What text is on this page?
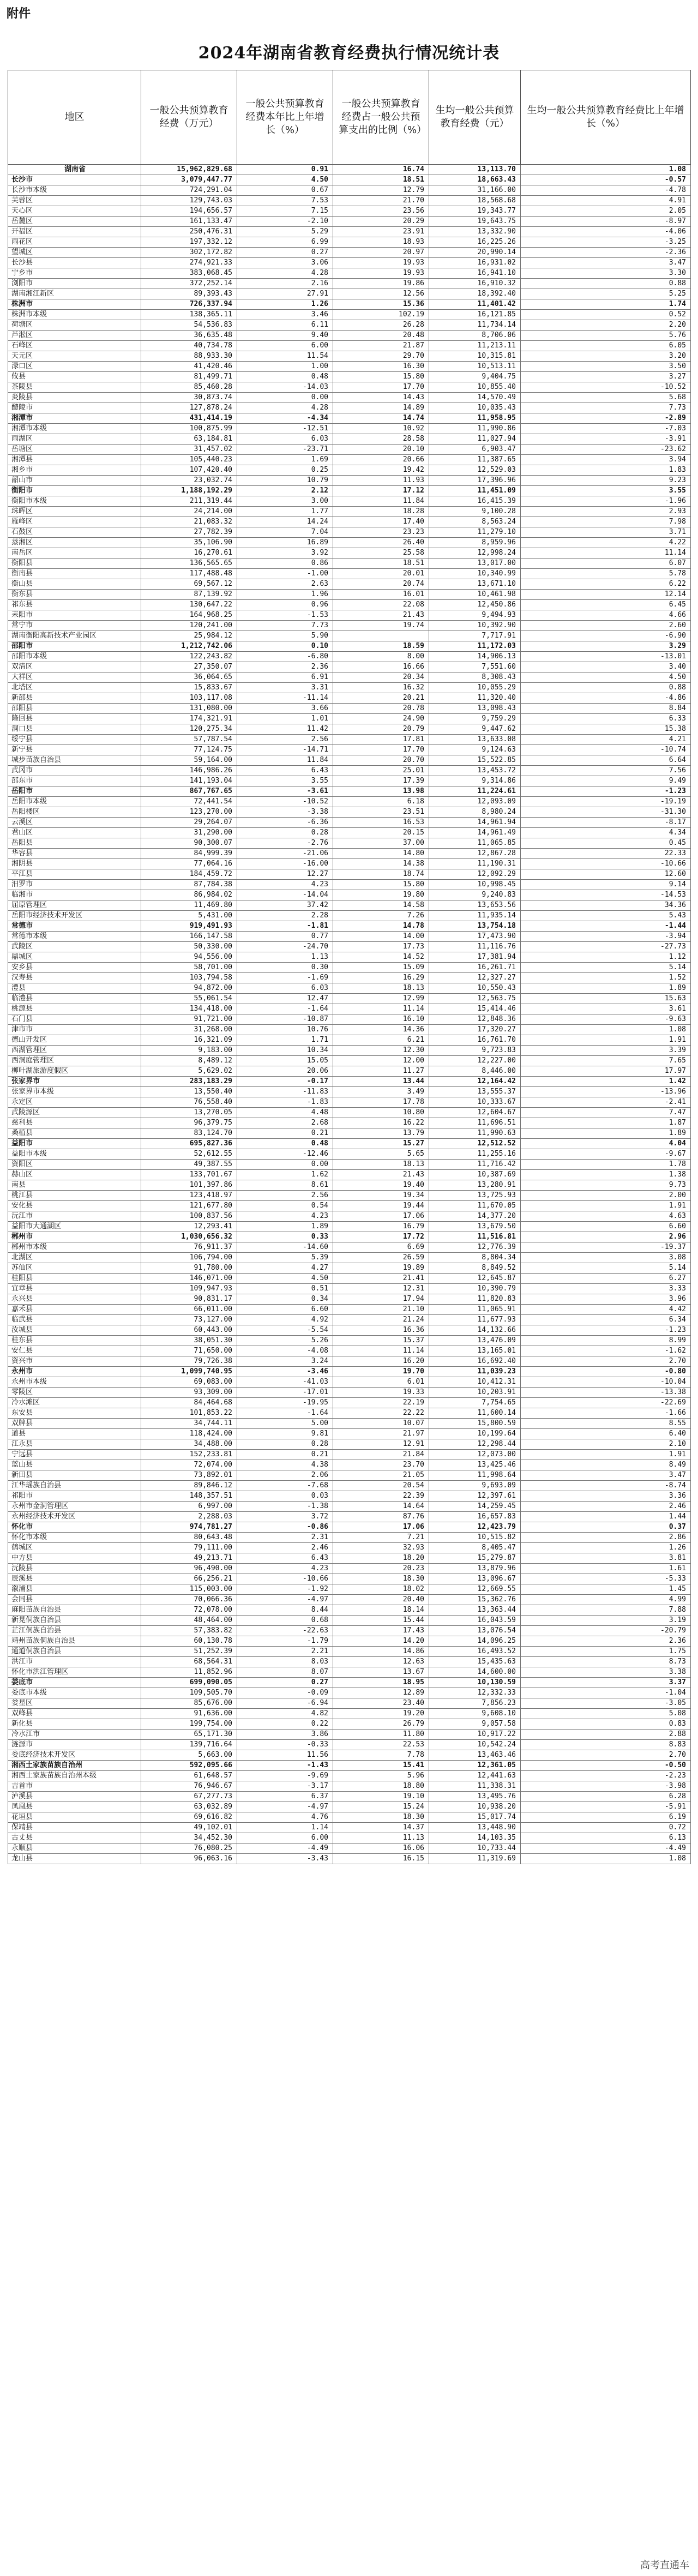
附件
2024年湖南省教育经费执行情况统计表
地区	一般公共预算教育经费（万元）	一般公共预算教育经费本年比上年增长（%）	一般公共预算教育经费占一般公共预算支出的比例（%）	生均一般公共预算教育经费（元）	生均一般公共预算教育经费比上年增长（%）
湖南省	15,962,829.68	0.91	16.74	13,113.70	1.08
长沙市	3,079,447.77	4.50	18.51	18,663.43	-0.57
长沙市本级	724,291.04	0.67	12.79	31,166.00	-4.78
芙蓉区	129,743.03	7.53	21.70	18,568.68	4.91
天心区	194,656.57	7.15	23.56	19,343.77	2.05
岳麓区	161,133.47	-2.10	20.29	19,643.75	-8.97
开福区	250,476.31	5.29	23.91	13,332.90	-4.06
雨花区	197,332.12	6.99	18.93	16,225.26	-3.25
望城区	302,172.82	0.27	20.97	20,990.14	-2.36
长沙县	274,921.33	3.06	19.93	16,931.02	3.47
宁乡市	383,068.45	4.28	19.93	16,941.10	3.30
浏阳市	372,252.14	2.16	19.86	16,910.32	0.88
湖南湘江新区	89,393.43	27.91	12.56	18,392.40	5.25
株洲市	726,337.94	1.26	15.36	11,401.42	1.74
株洲市本级	138,365.11	3.46	102.19	16,121.85	0.52
荷塘区	54,536.83	6.11	26.28	11,734.14	2.20
芦淞区	36,635.48	9.40	20.48	8,706.06	5.76
石峰区	40,734.78	6.00	21.87	11,213.11	6.05
天元区	88,933.30	11.54	29.70	10,315.81	3.20
渌口区	41,420.46	1.00	16.30	10,513.11	3.50
攸县	81,499.71	0.48	15.80	9,404.75	3.27
茶陵县	85,460.28	-14.03	17.70	10,855.40	-10.52
炎陵县	30,873.74	0.00	14.43	14,570.49	5.68
醴陵市	127,878.24	4.28	14.89	10,035.43	7.73
湘潭市	431,414.19	-4.34	14.74	11,958.95	-2.89
湘潭市本级	100,875.99	-12.51	10.92	11,990.86	-7.03
雨湖区	63,184.81	6.03	28.58	11,027.94	-3.91
岳塘区	31,457.02	-23.71	20.10	6,903.47	-23.62
湘潭县	105,440.23	1.69	20.66	11,387.65	3.94
湘乡市	107,420.40	0.25	19.42	12,529.03	1.83
韶山市	23,032.74	10.79	11.93	17,396.96	9.23
衡阳市	1,188,192.29	2.12	17.12	11,451.09	3.55
衡阳市本级	211,319.44	3.00	11.84	16,415.39	-1.96
珠晖区	24,214.00	1.77	18.28	9,100.28	2.93
雁峰区	21,083.32	14.24	17.40	8,563.24	7.98
石鼓区	27,782.39	7.04	23.23	11,279.10	3.71
蒸湘区	35,106.90	16.89	26.40	8,959.96	4.22
南岳区	16,270.61	3.92	25.58	12,998.24	11.14
衡阳县	136,565.65	0.86	18.51	13,017.00	6.07
衡南县	117,488.48	-1.00	20.01	10,340.99	5.78
衡山县	69,567.12	2.63	20.74	13,671.10	6.22
衡东县	87,139.92	1.96	16.01	10,461.98	12.14
祁东县	130,647.22	0.96	22.08	12,450.86	6.45
耒阳市	164,968.25	-1.53	21.43	9,494.93	4.66
常宁市	120,241.00	7.73	19.74	10,392.90	2.60
湖南衡阳高新技术产业园区	25,984.12	5.90		7,717.91	-6.90
邵阳市	1,212,742.06	0.10	18.59	11,172.03	3.29
邵阳市本级	122,243.82	-6.80	8.00	14,906.13	-13.01
双清区	27,350.07	2.36	16.66	7,551.60	3.40
大祥区	36,064.65	6.91	20.34	8,308.43	4.50
北塔区	15,833.67	3.31	16.32	10,055.29	0.88
新邵县	103,117.08	-11.14	20.21	11,320.40	-4.86
邵阳县	131,080.00	3.66	20.78	13,098.43	8.84
隆回县	174,321.91	1.01	24.90	9,759.29	6.33
洞口县	120,275.34	11.42	20.79	9,447.62	15.38
绥宁县	57,787.54	2.56	17.81	13,633.08	4.21
新宁县	77,124.75	-14.71	17.70	9,124.63	-10.74
城步苗族自治县	59,164.00	11.84	20.70	15,522.85	6.64
武冈市	146,986.26	6.43	25.01	13,453.72	7.56
邵东市	141,193.04	3.55	17.39	9,314.86	9.49
岳阳市	867,767.65	-3.61	13.98	11,224.61	-1.23
岳阳市本级	72,441.54	-10.52	6.18	12,093.09	-19.19
岳阳楼区	123,270.00	-3.38	23.51	8,980.24	-31.30
云溪区	29,264.07	-6.36	16.53	14,961.94	-8.17
君山区	31,290.00	0.28	20.15	14,961.49	4.34
岳阳县	90,300.07	-2.76	37.00	11,065.85	0.45
华容县	84,999.39	-21.06	14.80	12,867.28	22.33
湘阴县	77,064.16	-16.00	14.38	11,190.31	-10.66
平江县	184,459.72	12.27	18.74	12,092.29	12.60
汨罗市	87,784.38	4.23	15.80	10,998.45	9.14
临湘市	86,984.02	-14.04	19.80	9,240.83	-14.53
屈原管理区	11,469.80	37.42	14.58	13,653.56	34.36
岳阳市经济技术开发区	5,431.00	2.28	7.26	11,935.14	5.43
常德市	919,491.93	-1.81	14.78	13,754.18	-1.44
常德市本级	166,147.58	0.77	14.00	17,473.90	-3.94
武陵区	50,330.00	-24.70	17.73	11,116.76	-27.73
鼎城区	94,556.00	1.13	14.52	17,381.94	1.12
安乡县	58,701.00	0.30	15.09	16,261.71	5.14
汉寿县	103,794.58	-1.69	16.29	12,327.27	1.52
澧县	94,872.00	6.03	18.13	10,550.43	1.89
临澧县	55,061.54	12.47	12.99	12,563.75	15.63
桃源县	134,418.00	-1.64	11.14	15,414.46	3.61
石门县	91,721.00	-10.87	16.10	12,848.36	-9.63
津市市	31,268.00	10.76	14.36	17,320.27	1.08
德山开发区	16,321.09	1.71	6.21	16,761.70	1.91
西湖管理区	9,183.00	10.34	12.30	9,723.83	3.39
西洞庭管理区	8,489.12	15.05	12.00	12,227.00	7.65
柳叶湖旅游度假区	5,629.02	20.06	11.27	8,446.00	17.97
张家界市	283,183.29	-0.17	13.44	12,164.42	1.42
张家界市本级	13,550.40	-11.83	3.49	13,555.37	-13.96
永定区	76,558.40	-1.83	17.78	10,333.67	-2.41
武陵源区	13,270.05	4.48	10.80	12,604.67	7.47
慈利县	96,379.75	2.68	16.22	11,696.51	1.87
桑植县	83,124.70	0.21	13.79	11,990.63	1.89
益阳市	695,827.36	0.48	15.27	12,512.52	4.04
益阳市本级	52,612.55	-12.46	5.65	11,255.16	-9.67
资阳区	49,387.55	0.00	18.13	11,716.42	1.78
赫山区	133,701.67	1.62	21.43	10,387.69	1.38
南县	101,397.86	8.61	19.40	13,280.91	9.73
桃江县	123,418.97	2.56	19.34	13,725.93	2.00
安化县	121,677.80	0.54	19.44	11,670.05	1.91
沅江市	100,837.56	4.23	17.06	14,377.20	4.63
益阳市大通湖区	12,293.41	1.89	16.79	13,679.50	6.60
郴州市	1,030,656.32	0.33	17.72	11,516.81	2.96
郴州市本级	76,911.37	-14.60	6.69	12,776.39	-19.37
北湖区	106,794.00	5.39	26.59	8,804.34	3.08
苏仙区	91,780.00	4.27	19.89	8,849.52	5.14
桂阳县	146,071.00	4.50	21.41	12,645.87	6.27
宜章县	109,947.93	0.51	12.31	10,390.79	3.33
永兴县	90,831.17	0.34	17.94	11,820.83	3.96
嘉禾县	66,011.00	6.60	21.10	11,065.91	4.42
临武县	73,127.00	4.92	21.24	11,677.93	6.34
汝城县	60,443.00	-5.54	16.36	14,132.66	-1.23
桂东县	38,051.30	5.26	15.37	13,476.09	8.99
安仁县	71,650.00	-4.08	11.14	13,165.01	-1.62
资兴市	79,726.38	3.24	16.20	16,692.40	2.70
永州市	1,099,740.95	-3.46	19.70	11,039.23	-0.80
永州市本级	69,083.00	-41.03	6.01	10,412.31	-10.04
零陵区	93,309.00	-17.01	19.33	10,203.91	-13.38
冷水滩区	84,464.68	-19.95	22.19	7,754.65	-22.69
东安县	101,853.22	-1.64	22.22	11,600.14	-1.66
双牌县	34,744.11	5.00	10.07	15,800.59	8.55
道县	118,424.00	9.81	21.97	10,199.64	6.40
江永县	34,488.00	0.28	12.91	12,298.44	2.10
宁远县	152,233.81	0.21	21.84	12,073.00	1.91
蓝山县	72,074.00	4.38	23.70	13,425.46	8.49
新田县	73,892.01	2.06	21.05	11,998.64	3.47
江华瑶族自治县	89,846.12	-7.68	20.54	9,693.09	-8.74
祁阳市	148,357.51	0.03	22.39	12,397.61	3.36
永州市金洞管理区	6,997.00	-1.38	14.64	14,259.45	2.46
永州经济技术开发区	2,288.03	3.72	87.76	16,657.83	1.44
怀化市	974,781.27	-0.86	17.06	12,423.79	0.37
怀化市本级	80,643.48	2.31	7.21	10,515.82	2.86
鹤城区	79,111.00	2.46	32.93	8,405.47	1.26
中方县	49,213.71	6.43	18.20	15,279.87	3.81
沅陵县	96,490.00	4.23	20.23	13,879.96	1.61
辰溪县	66,256.21	-10.66	18.30	13,096.67	-5.33
溆浦县	115,003.00	-1.92	18.02	12,669.55	1.45
会同县	70,066.36	-4.97	20.40	15,362.76	4.99
麻阳苗族自治县	72,078.00	8.44	18.14	13,363.44	7.88
新晃侗族自治县	48,464.00	0.68	15.44	16,043.59	3.19
芷江侗族自治县	57,383.82	-22.63	17.43	13,076.54	-20.79
靖州苗族侗族自治县	60,130.78	-1.79	14.20	14,096.25	2.36
通道侗族自治县	51,252.39	2.21	14.86	16,493.52	1.75
洪江市	68,564.31	8.03	12.63	15,435.63	8.73
怀化市洪江管理区	11,852.96	8.07	13.67	14,600.00	3.38
娄底市	699,090.05	0.27	18.95	10,130.59	3.37
娄底市本级	109,505.70	-0.09	12.89	12,332.33	-1.04
娄星区	85,676.00	-6.94	23.40	7,856.23	-3.05
双峰县	91,636.00	4.82	19.20	9,608.10	5.08
新化县	199,754.00	0.22	26.79	9,057.58	0.83
冷水江市	65,171.30	3.86	11.80	10,917.22	2.88
涟源市	139,716.64	-0.33	22.53	10,542.24	8.83
娄底经济技术开发区	5,663.00	11.56	7.78	13,463.46	2.70
湘西土家族苗族自治州	592,095.66	-1.43	15.41	12,361.05	-0.50
湘西土家族苗族自治州本级	61,648.57	-9.69	5.96	12,441.63	-2.23
吉首市	76,946.67	-3.17	18.80	11,338.31	-3.98
泸溪县	67,277.73	6.37	19.10	13,495.76	6.28
凤凰县	63,032.89	-4.97	15.24	10,938.20	-5.91
花垣县	69,616.82	4.76	18.30	15,017.74	6.19
保靖县	49,102.01	1.14	14.37	13,448.90	0.72
古丈县	34,452.30	6.00	11.13	14,103.35	6.13
永顺县	76,080.25	-4.49	16.06	10,733.44	-4.49
龙山县	96,063.16	-3.43	16.15	11,319.69	1.08
高考直通车
